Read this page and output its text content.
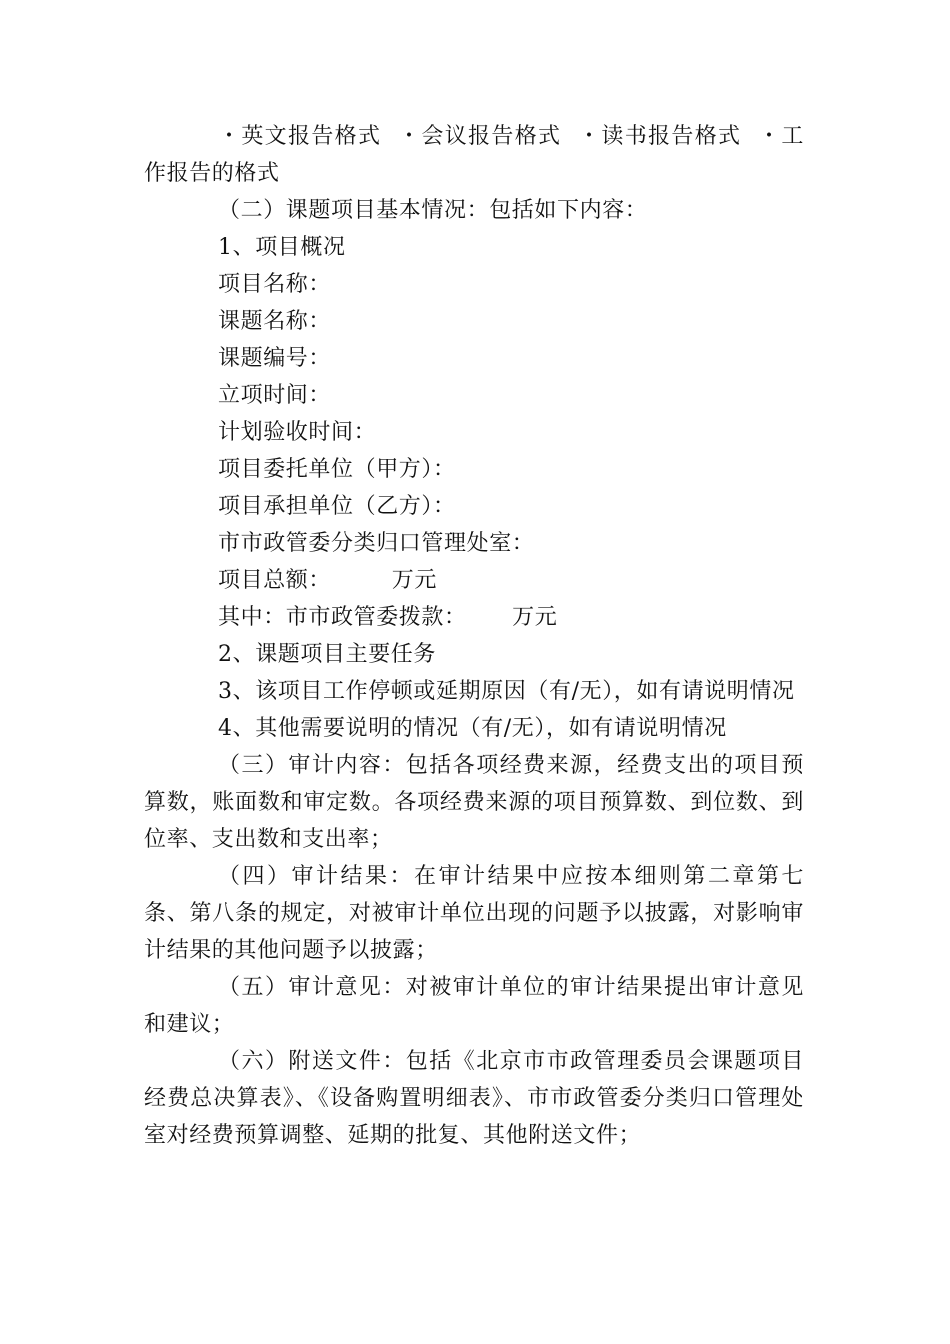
・英文报告格式  ・会议报告格式  ・读书报告格式  ・工作报告的格式

（二）课题项目基本情况：包括如下内容：

1、项目概况

项目名称：

课题名称：

课题编号：

立项时间：

计划验收时间：

项目委托单位（甲方）：

项目承担单位（乙方）：

市市政管委分类归口管理处室：

项目总额：        万元

其中：市市政管委拨款：      万元

2、课题项目主要任务

3、该项目工作停顿或延期原因（有/无），如有请说明情况

4、其他需要说明的情况（有/无），如有请说明情况

（三）审计内容：包括各项经费来源，经费支出的项目预算数，账面数和审定数。各项经费来源的项目预算数、到位数、到位率、支出数和支出率；

（四）审计结果：在审计结果中应按本细则第二章第七条、第八条的规定，对被审计单位出现的问题予以披露，对影响审计结果的其他问题予以披露；

（五）审计意见：对被审计单位的审计结果提出审计意见和建议；

（六）附送文件：包括《北京市市政管理委员会课题项目经费总决算表》、《设备购置明细表》、市市政管委分类归口管理处室对经费预算调整、延期的批复、其他附送文件；
